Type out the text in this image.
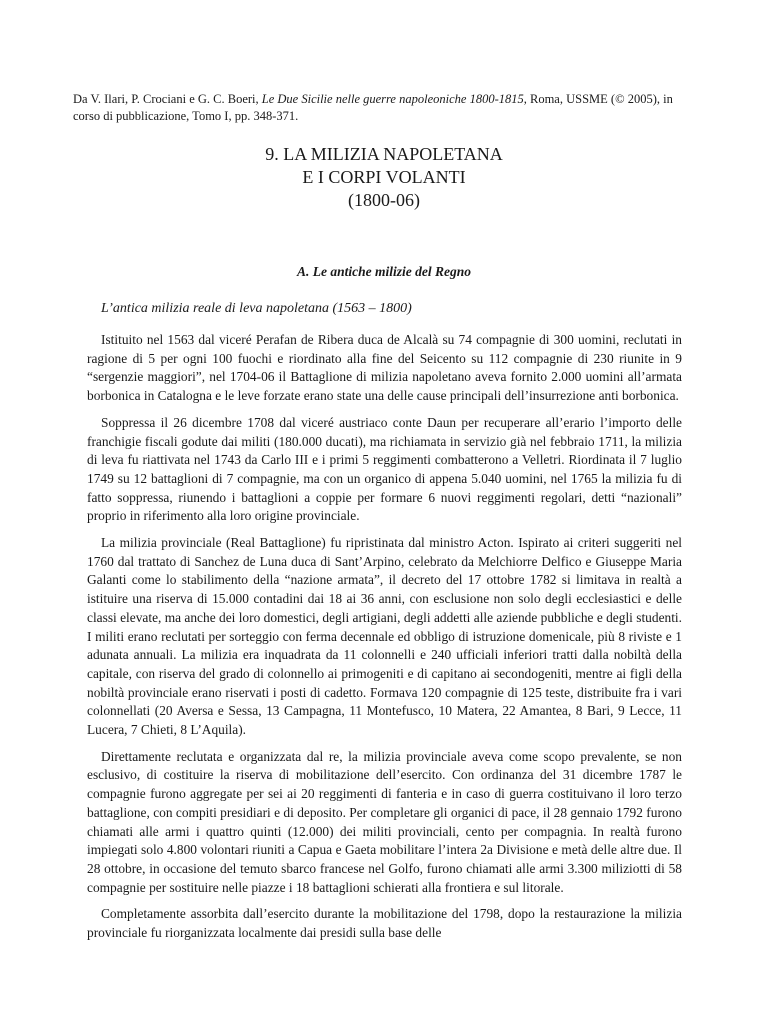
Da V. Ilari, P. Crociani e G. C. Boeri, Le Due Sicilie nelle guerre napoleoniche 1800-1815, Roma, USSME (© 2005), in corso di pubblicazione, Tomo I, pp. 348-371.
9. LA MILIZIA NAPOLETANA
E I CORPI VOLANTI
(1800-06)
A. Le antiche milizie del Regno
L’antica milizia reale di leva napoletana (1563 – 1800)

Istituito nel 1563 dal viceré Perafan de Ribera duca de Alcalà su 74 compagnie di 300 uomini, reclutati in ragione di 5 per ogni 100 fuochi e riordinato alla fine del Seicento su 112 compagnie di 230 riunite in 9 “sergenzie maggiori”, nel 1704-06 il Battaglione di milizia napoletano aveva fornito 2.000 uomini all’armata borbonica in Catalogna e le leve forzate erano state una delle cause principali dell’insurrezione anti borbonica.

Soppressa il 26 dicembre 1708 dal viceré austriaco conte Daun per recuperare all’erario l’importo delle franchigie fiscali godute dai militi (180.000 ducati), ma richiamata in servizio già nel febbraio 1711, la milizia di leva fu riattivata nel 1743 da Carlo III e i primi 5 reggimenti combatterono a Velletri. Riordinata il 7 luglio 1749 su 12 battaglioni di 7 compagnie, ma con un organico di appena 5.040 uomini, nel 1765 la milizia fu di fatto soppressa, riunendo i battaglioni a coppie per formare 6 nuovi reggimenti regolari, detti “nazionali” proprio in riferimento alla loro origine provinciale.

La milizia provinciale (Real Battaglione) fu ripristinata dal ministro Acton. Ispirato ai criteri suggeriti nel 1760 dal trattato di Sanchez de Luna duca di Sant’Arpino, celebrato da Melchiorre Delfico e Giuseppe Maria Galanti come lo stabilimento della “nazione armata”, il decreto del 17 ottobre 1782 si limitava in realtà a istituire una riserva di 15.000 contadini dai 18 ai 36 anni, con esclusione non solo degli ecclesiastici e delle classi elevate, ma anche dei loro domestici, degli artigiani, degli addetti alle aziende pubbliche e degli studenti. I militi erano reclutati per sorteggio con ferma decennale ed obbligo di istruzione domenicale, più 8 riviste e 1 adunata annuali. La milizia era inquadrata da 11 colonnelli e 240 ufficiali inferiori tratti dalla nobiltà della capitale, con riserva del grado di colonnello ai primogeniti e di capitano ai secondogeniti, mentre ai figli della nobiltà provinciale erano riservati i posti di cadetto. Formava 120 compagnie di 125 teste, distribuite fra i vari colonnellati (20 Aversa e Sessa, 13 Campagna, 11 Montefusco, 10 Matera, 22 Amantea, 8 Bari, 9 Lecce, 11 Lucera, 7 Chieti, 8 L’Aquila).

Direttamente reclutata e organizzata dal re, la milizia provinciale aveva come scopo prevalente, se non esclusivo, di costituire la riserva di mobilitazione dell’esercito. Con ordinanza del 31 dicembre 1787 le compagnie furono aggregate per sei ai 20 reggimenti di fanteria e in caso di guerra costituivano il loro terzo battaglione, con compiti presidiari e di deposito. Per completare gli organici di pace, il 28 gennaio 1792 furono chiamati alle armi i quattro quinti (12.000) dei militi provinciali, cento per compagnia. In realtà furono impiegati solo 4.800 volontari riuniti a Capua e Gaeta mobilitare l’intera 2a Divisione e metà delle altre due. Il 28 ottobre, in occasione del temuto sbarco francese nel Golfo, furono chiamati alle armi 3.300 miliziotti di 58 compagnie per sostituire nelle piazze i 18 battaglioni schierati alla frontiera e sul litorale.

Completamente assorbita dall’esercito durante la mobilitazione del 1798, dopo la restaurazione la milizia provinciale fu riorganizzata localmente dai presidi sulla base delle
